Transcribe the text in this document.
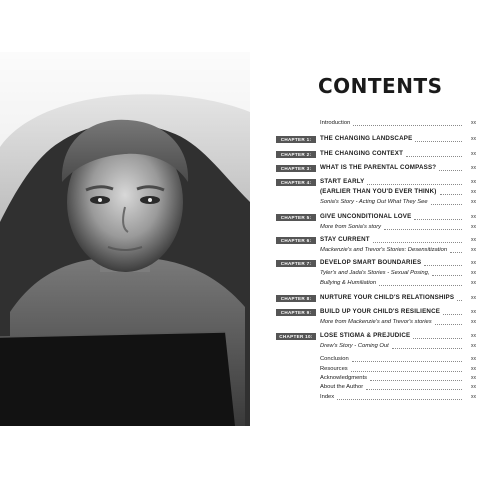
CONTENTS
Introduction	xx
CHAPTER 1:	THE CHANGING LANDSCAPE	xx
CHAPTER 2:	THE CHANGING CONTEXT	xx
CHAPTER 3:	WHAT IS THE PARENTAL COMPASS?	xx
CHAPTER 4:	START EARLY	xx
(EARLIER THAN YOU'D EVER THINK)	xx
Sonia's Story - Acting Out What They See	xx
CHAPTER 5:	GIVE UNCONDITIONAL LOVE	xx
More from Sonia's story	xx
CHAPTER 6:	STAY CURRENT	xx
Mackenzie's and Trevor's Stories: Desensitization	xx
CHAPTER 7:	DEVELOP SMART BOUNDARIES	xx
Tyler's and Jada's Stories - Sexual Posing,	xx
Bullying & Humiliation	xx
CHAPTER 8:	NURTURE YOUR CHILD'S RELATIONSHIPS	xx
CHAPTER 9:	BUILD UP YOUR CHILD'S RESILIENCE	xx
More from Mackenzie's and Trevor's stories	xx
CHAPTER 10:	LOSE STIGMA & PREJUDICE	xx
Drew's Story - Coming Out	xx
Conclusion	xx
Resources	xx
Acknowledgments	xx
About the Author	xx
Index	xx
